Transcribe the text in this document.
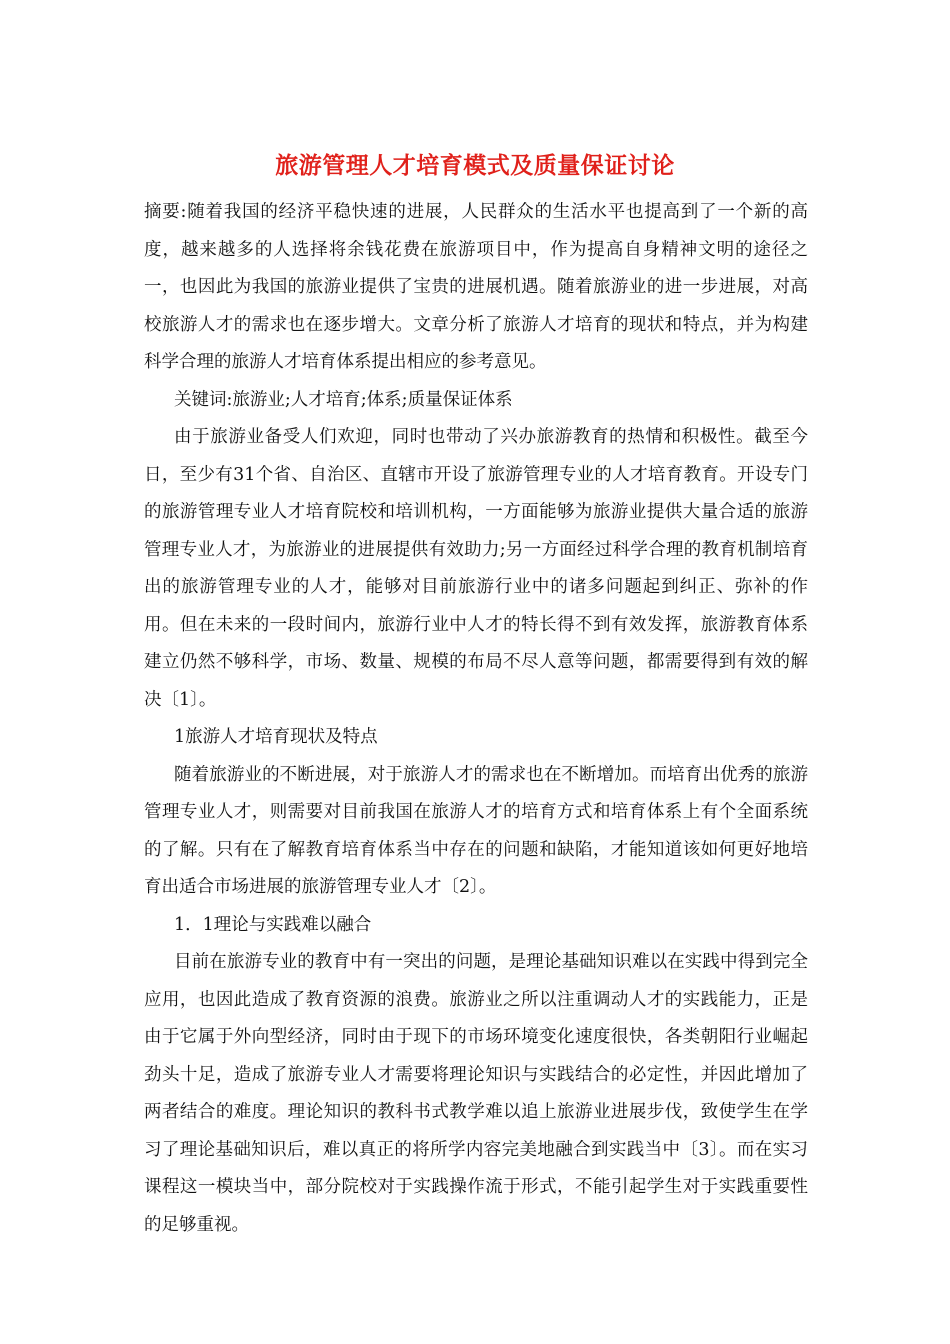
旅游管理人才培育模式及质量保证讨论

摘要:随着我国的经济平稳快速的进展，人民群众的生活水平也提高到了一个新的高度，越来越多的人选择将余钱花费在旅游项目中，作为提高自身精神文明的途径之一，也因此为我国的旅游业提供了宝贵的进展机遇。随着旅游业的进一步进展，对高校旅游人才的需求也在逐步增大。文章分析了旅游人才培育的现状和特点，并为构建科学合理的旅游人才培育体系提出相应的参考意见。

关键词:旅游业;人才培育;体系;质量保证体系

由于旅游业备受人们欢迎，同时也带动了兴办旅游教育的热情和积极性。截至今日，至少有31个省、自治区、直辖市开设了旅游管理专业的人才培育教育。开设专门的旅游管理专业人才培育院校和培训机构，一方面能够为旅游业提供大量合适的旅游管理专业人才，为旅游业的进展提供有效助力;另一方面经过科学合理的教育机制培育出的旅游管理专业的人才，能够对目前旅游行业中的诸多问题起到纠正、弥补的作用。但在未来的一段时间内，旅游行业中人才的特长得不到有效发挥，旅游教育体系建立仍然不够科学，市场、数量、规模的布局不尽人意等问题，都需要得到有效的解决〔1〕。

1旅游人才培育现状及特点

随着旅游业的不断进展，对于旅游人才的需求也在不断增加。而培育出优秀的旅游管理专业人才，则需要对目前我国在旅游人才的培育方式和培育体系上有个全面系统的了解。只有在了解教育培育体系当中存在的问题和缺陷，才能知道该如何更好地培育出适合市场进展的旅游管理专业人才〔2〕。

1．1理论与实践难以融合

目前在旅游专业的教育中有一突出的问题，是理论基础知识难以在实践中得到完全应用，也因此造成了教育资源的浪费。旅游业之所以注重调动人才的实践能力，正是由于它属于外向型经济，同时由于现下的市场环境变化速度很快，各类朝阳行业崛起劲头十足，造成了旅游专业人才需要将理论知识与实践结合的必定性，并因此增加了两者结合的难度。理论知识的教科书式教学难以追上旅游业进展步伐，致使学生在学习了理论基础知识后，难以真正的将所学内容完美地融合到实践当中〔3〕。而在实习课程这一模块当中，部分院校对于实践操作流于形式，不能引起学生对于实践重要性的足够重视。
